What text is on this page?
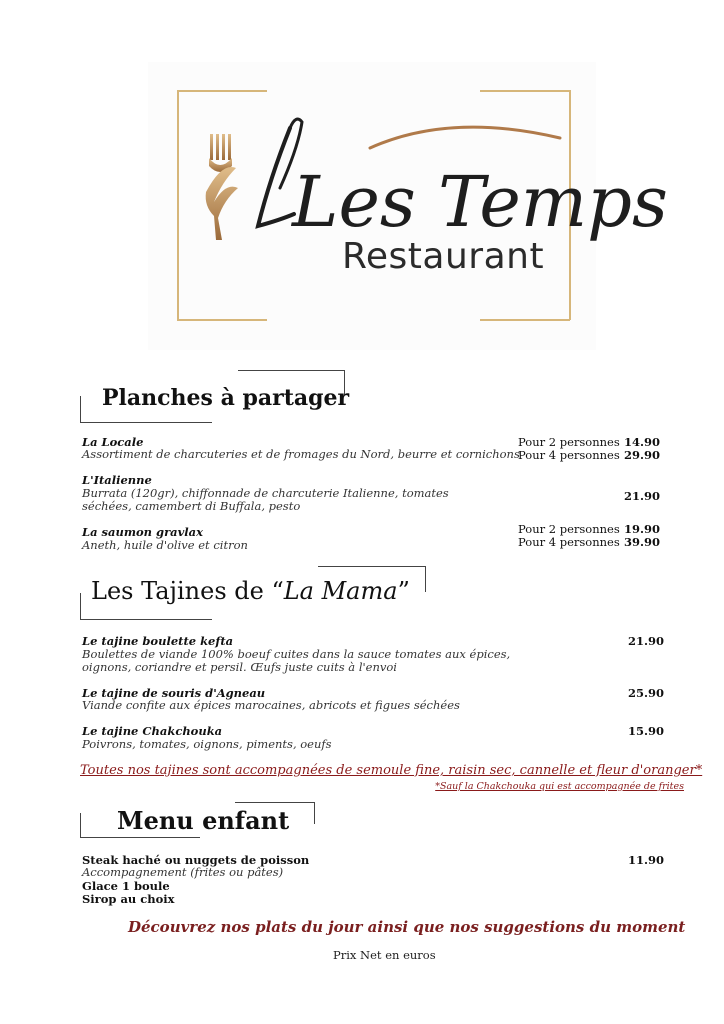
Les Temps
Restaurant
Planches à partager
La Locale
Assortiment de charcuteries et de fromages du Nord, beurre et cornichons
Pour 2 personnes 14.90
Pour 4 personnes 29.90
L'Italienne
Burrata (120gr), chiffonnade de charcuterie Italienne, tomates séchées, camembert di Buffala, pesto
21.90
La saumon gravlax
Aneth, huile d'olive et citron
Pour 2 personnes 19.90
Pour 4 personnes 39.90
Les Tajines de “La Mama”
Le tajine boulette kefta
Boulettes de viande 100% boeuf cuites dans la sauce tomates aux épices, oignons, coriandre et persil. Œufs juste cuits à l'envoi
21.90
Le tajine de souris d'Agneau
Viande confite aux épices marocaines, abricots et figues séchées
25.90
Le tajine Chakchouka
Poivrons, tomates, oignons, piments, oeufs
15.90
Toutes nos tajines sont accompagnées de semoule fine, raisin sec, cannelle et fleur d'oranger*
*Sauf la Chakchouka qui est accompagnée de frites
Menu enfant
Steak haché ou nuggets de poisson
Accompagnement (frites ou pâtes)
Glace 1 boule
Sirop au choix
11.90
Découvrez nos plats du jour ainsi que nos suggestions du moment
Prix Net en euros
